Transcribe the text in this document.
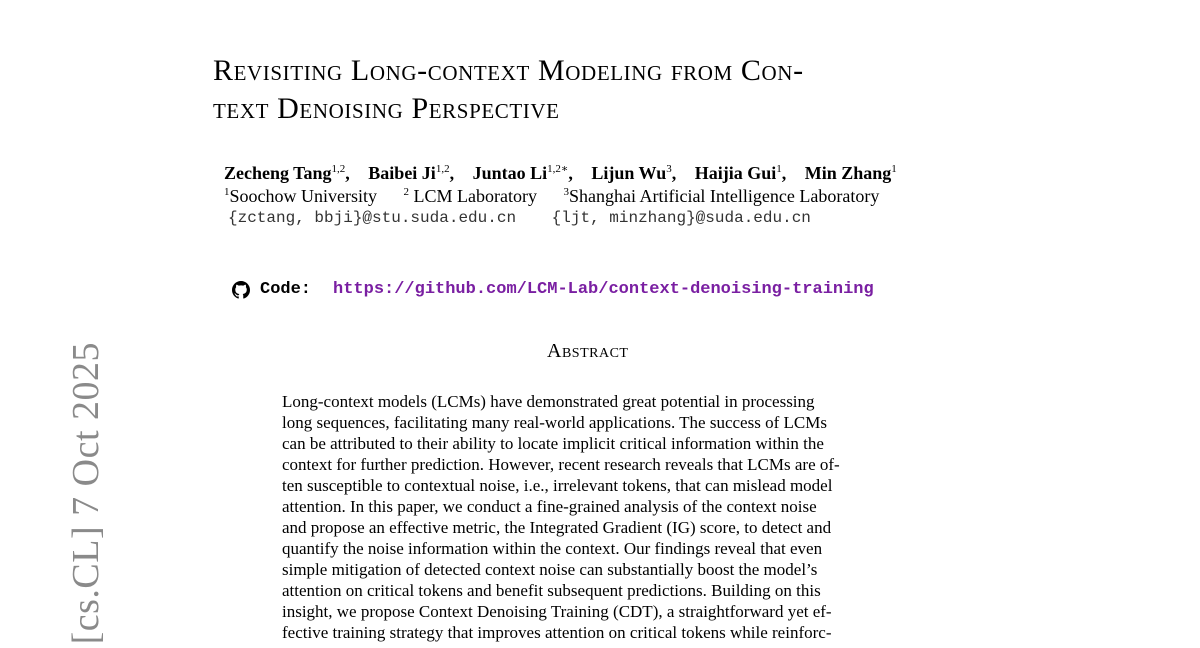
[cs.CL] 7 Oct 2025
Revisiting Long-context Modeling from Con-
text Denoising Perspective
Zecheng Tang$^{1,2}$, Baibei Ji$^{1,2}$, Juntao $Li^{1,2∗}$, Lijun Wu$^3$, Haijia Gui$^1$, Min Zhang$^1$
$^1$Soochow University $^2$ LCM Laboratory $^3$Shanghai Artificial Intelligence Laboratory
{zctang, bbji}@stu.suda.edu.cn {ljt, minzhang}@suda.edu.cn
Code: https://github.com/LCM-Lab/context-denoising-training
Abstract
Long-context models (LCMs) have demonstrated great potential in processing
long sequences, facilitating many real-world applications. The success of LCMs
can be attributed to their ability to locate implicit critical information within the
context for further prediction. However, recent research reveals that LCMs are of-
ten susceptible to contextual noise, i.e., irrelevant tokens, that can mislead model
attention. In this paper, we conduct a fine-grained analysis of the context noise
and propose an effective metric, the Integrated Gradient (IG) score, to detect and
quantify the noise information within the context. Our findings reveal that even
simple mitigation of detected context noise can substantially boost the model’s
attention on critical tokens and benefit subsequent predictions. Building on this
insight, we propose Context Denoising Training (CDT), a straightforward yet ef-
fective training strategy that improves attention on critical tokens while reinforc-
